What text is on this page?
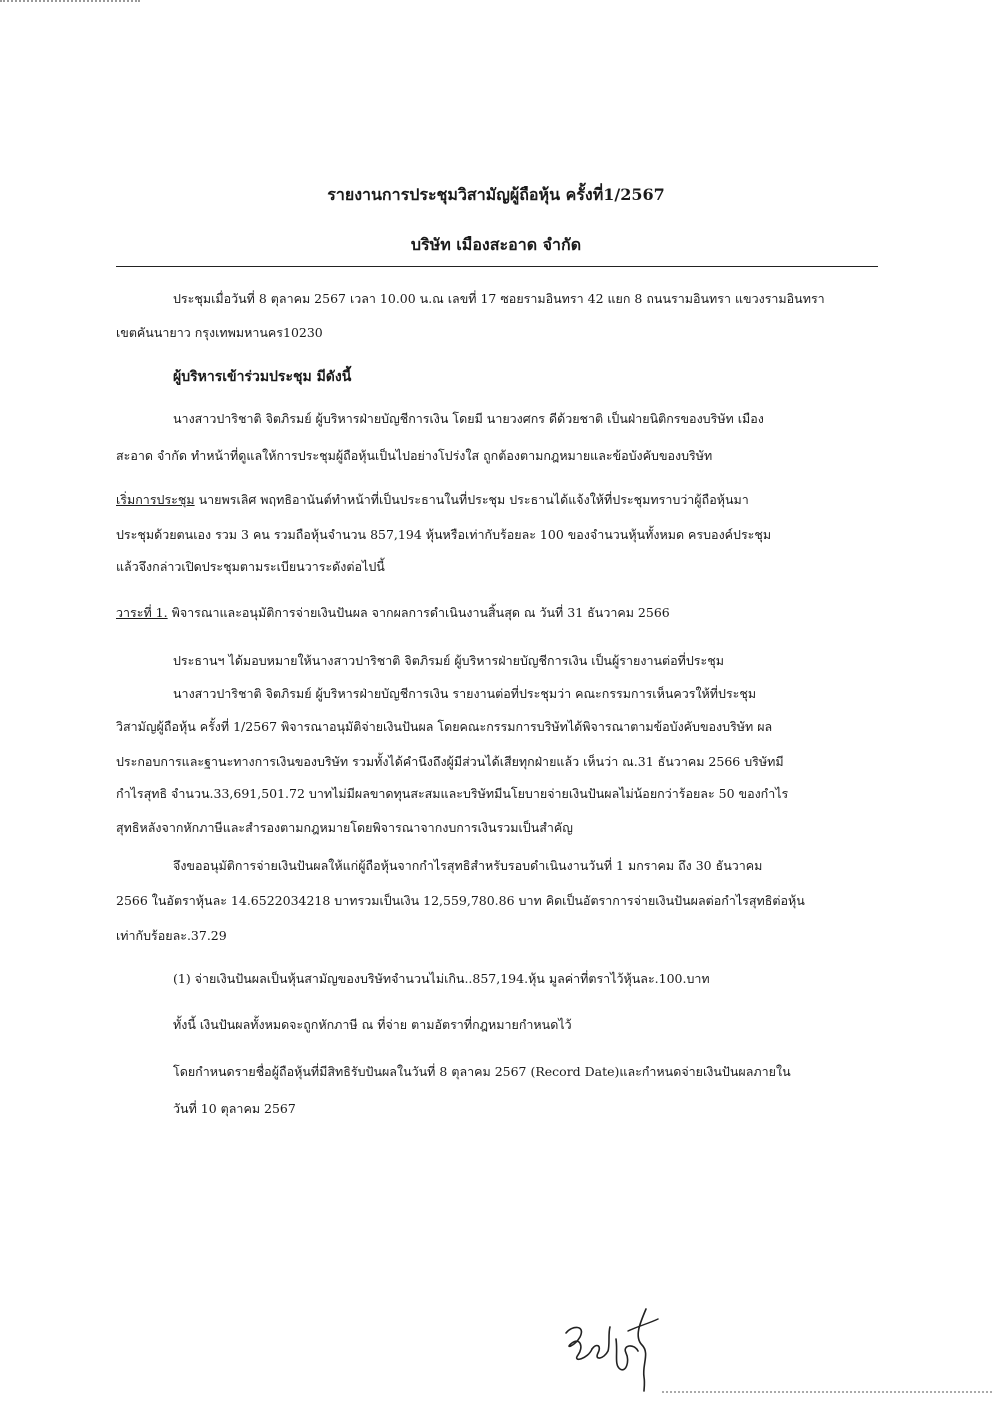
รายงานการประชุมวิสามัญผู้ถือหุ้น ครั้งที่1/2567
บริษัท เมืองสะอาด จำกัด
ประชุมเมื่อวันที่ 8 ตุลาคม 2567 เวลา 10.00 น.ณ เลขที่ 17 ซอยรามอินทรา 42 แยก 8 ถนนรามอินทรา แขวงรามอินทรา
เขตคันนายาว กรุงเทพมหานคร10230
ผู้บริหารเข้าร่วมประชุม มีดังนี้
นางสาวปาริชาติ จิตภิรมย์ ผู้บริหารฝ่ายบัญชีการเงิน โดยมี นายวงศกร ดีด้วยชาติ เป็นฝ่ายนิติกรของบริษัท เมือง
สะอาด จำกัด ทำหน้าที่ดูแลให้การประชุมผู้ถือหุ้นเป็นไปอย่างโปร่งใส ถูกต้องตามกฎหมายและข้อบังคับของบริษัท
เริ่มการประชุม นายพรเลิศ พฤทธิอานันต์ทำหน้าที่เป็นประธานในที่ประชุม ประธานได้แจ้งให้ที่ประชุมทราบว่าผู้ถือหุ้นมา
ประชุมด้วยตนเอง รวม 3 คน รวมถือหุ้นจำนวน 857,194 หุ้นหรือเท่ากับร้อยละ 100 ของจำนวนหุ้นทั้งหมด ครบองค์ประชุม
แล้วจึงกล่าวเปิดประชุมตามระเบียนวาระดังต่อไปนี้
วาระที่ 1. พิจารณาและอนุมัติการจ่ายเงินปันผล จากผลการดำเนินงานสิ้นสุด ณ วันที่ 31 ธันวาคม 2566
ประธานฯ ได้มอบหมายให้นางสาวปาริชาติ จิตภิรมย์ ผู้บริหารฝ่ายบัญชีการเงิน เป็นผู้รายงานต่อที่ประชุม
นางสาวปาริชาติ จิตภิรมย์ ผู้บริหารฝ่ายบัญชีการเงิน รายงานต่อที่ประชุมว่า คณะกรรมการเห็นควรให้ที่ประชุม
วิสามัญผู้ถือหุ้น ครั้งที่ 1/2567 พิจารณาอนุมัติจ่ายเงินปันผล โดยคณะกรรมการบริษัทได้พิจารณาตามข้อบังคับของบริษัท ผล
ประกอบการและฐานะทางการเงินของบริษัท รวมทั้งได้คำนึงถึงผู้มีส่วนได้เสียทุกฝ่ายแล้ว เห็นว่า ณ.31 ธันวาคม 2566 บริษัทมี
กำไรสุทธิ จำนวน.33,691,501.72 บาทไม่มีผลขาดทุนสะสมและบริษัทมีนโยบายจ่ายเงินปันผลไม่น้อยกว่าร้อยละ 50 ของกำไร
สุทธิหลังจากหักภาษีและสำรองตามกฎหมายโดยพิจารณาจากงบการเงินรวมเป็นสำคัญ
จึงขออนุมัติการจ่ายเงินปันผลให้แก่ผู้ถือหุ้นจากกำไรสุทธิสำหรับรอบดำเนินงานวันที่ 1 มกราคม ถึง 30 ธันวาคม
2566 ในอัตราหุ้นละ 14.6522034218 บาทรวมเป็นเงิน 12,559,780.86 บาท คิดเป็นอัตราการจ่ายเงินปันผลต่อกำไรสุทธิต่อหุ้น
เท่ากับร้อยละ.37.29
(1) จ่ายเงินปันผลเป็นหุ้นสามัญของบริษัทจำนวนไม่เกิน..857,194.หุ้น มูลค่าที่ตราไว้หุ้นละ.100.บาท
ทั้งนี้ เงินปันผลทั้งหมดจะถูกหักภาษี ณ ที่จ่าย ตามอัตราที่กฎหมายกำหนดไว้
โดยกำหนดรายชื่อผู้ถือหุ้นที่มีสิทธิรับปันผลในวันที่ 8 ตุลาคม 2567 (Record Date)และกำหนดจ่ายเงินปันผลภายใน
วันที่ 10 ตุลาคม 2567
